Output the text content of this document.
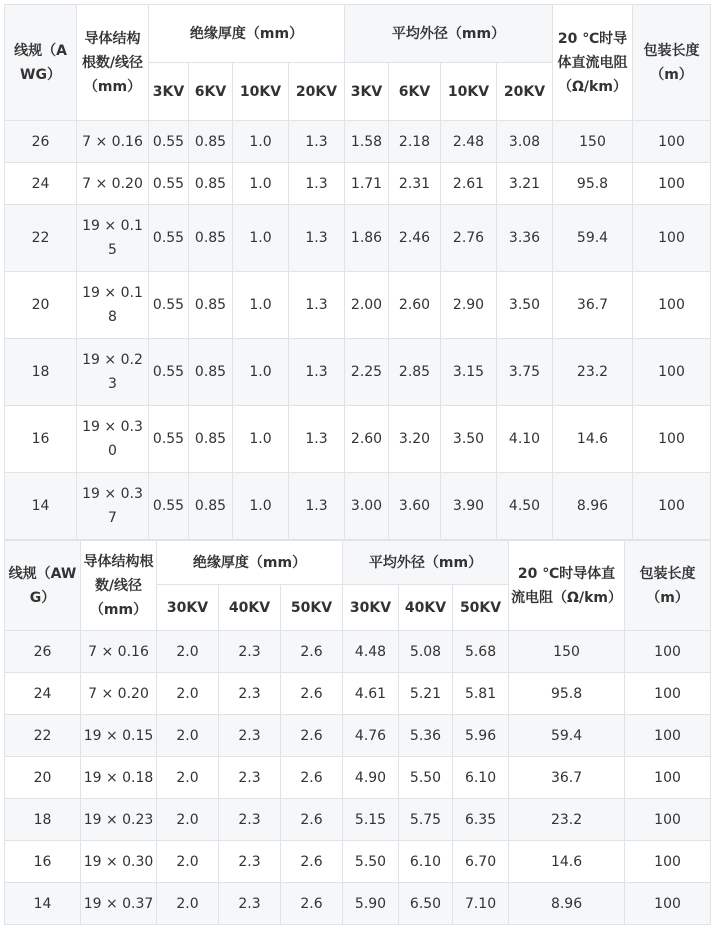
线规（AWG）	导体结构根数/线径（mm）	绝缘厚度（mm）				平均外径（mm）				20 ℃时导体直流电阻（Ω/km）	包装长度（m）
		3KV	6KV	10KV	20KV	3KV	6KV	10KV	20KV		
26	7 × 0.16	0.55	0.85	1.0	1.3	1.58	2.18	2.48	3.08	150	100
24	7 × 0.20	0.55	0.85	1.0	1.3	1.71	2.31	2.61	3.21	95.8	100
22	19 × 0.15	0.55	0.85	1.0	1.3	1.86	2.46	2.76	3.36	59.4	100
20	19 × 0.18	0.55	0.85	1.0	1.3	2.00	2.60	2.90	3.50	36.7	100
18	19 × 0.23	0.55	0.85	1.0	1.3	2.25	2.85	3.15	3.75	23.2	100
16	19 × 0.30	0.55	0.85	1.0	1.3	2.60	3.20	3.50	4.10	14.6	100
14	19 × 0.37	0.55	0.85	1.0	1.3	3.00	3.60	3.90	4.50	8.96	100
线规（AWG）	导体结构根数/线径（mm）	绝缘厚度（mm）			平均外径（mm）			20 ℃时导体直流电阻（Ω/km）	包装长度（m）
		30KV	40KV	50KV	30KV	40KV	50KV		
26	7 × 0.16	2.0	2.3	2.6	4.48	5.08	5.68	150	100
24	7 × 0.20	2.0	2.3	2.6	4.61	5.21	5.81	95.8	100
22	19 × 0.15	2.0	2.3	2.6	4.76	5.36	5.96	59.4	100
20	19 × 0.18	2.0	2.3	2.6	4.90	5.50	6.10	36.7	100
18	19 × 0.23	2.0	2.3	2.6	5.15	5.75	6.35	23.2	100
16	19 × 0.30	2.0	2.3	2.6	5.50	6.10	6.70	14.6	100
14	19 × 0.37	2.0	2.3	2.6	5.90	6.50	7.10	8.96	100
